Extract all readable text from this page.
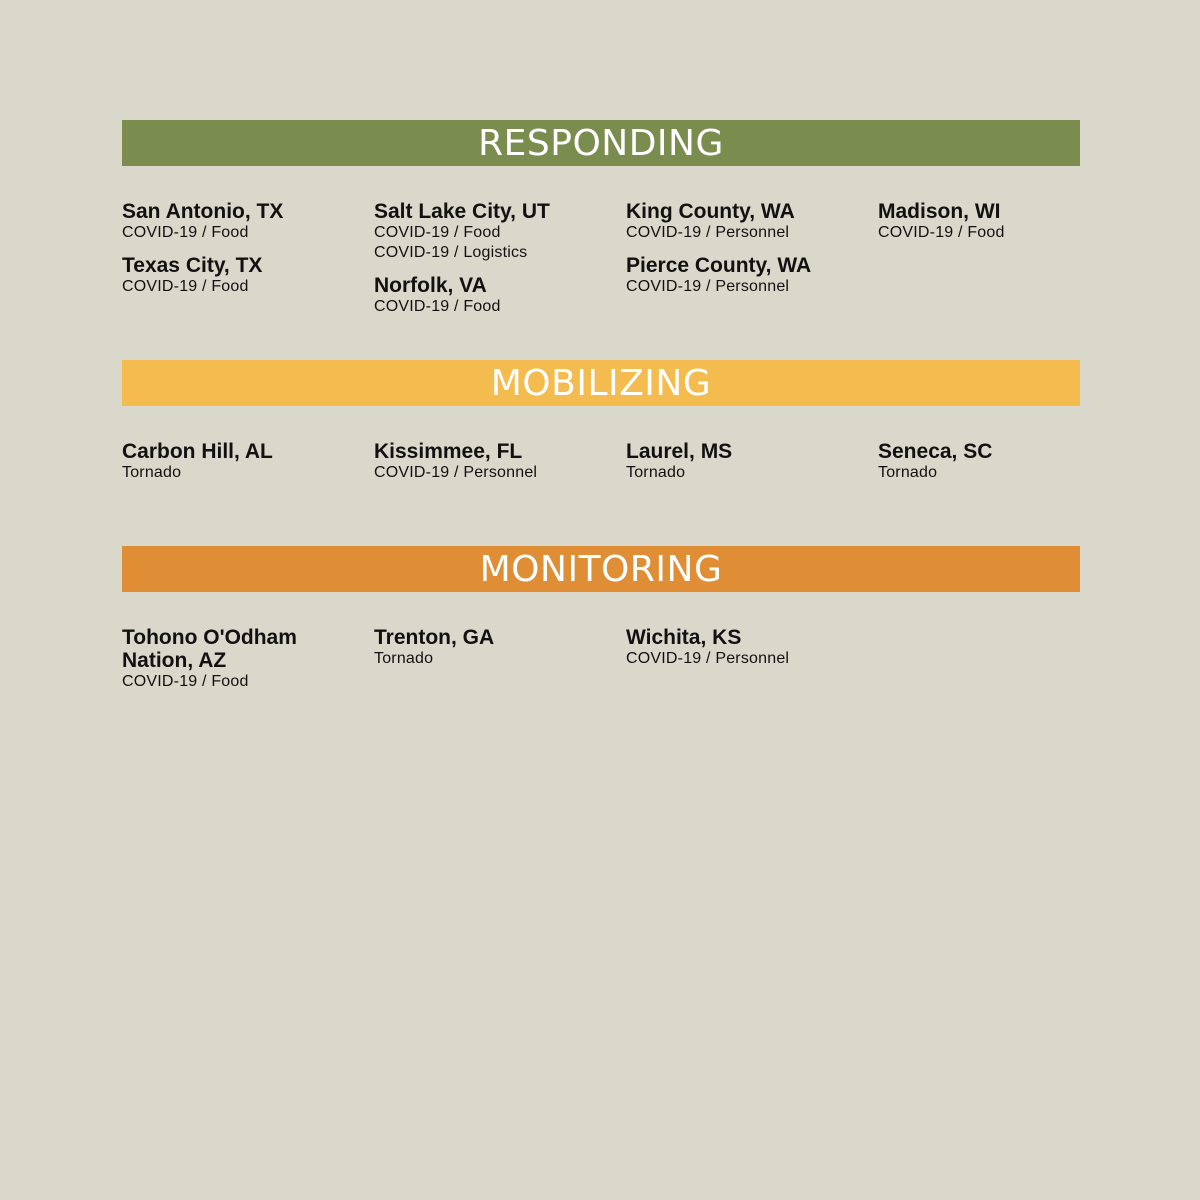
RESPONDING

San Antonio, TX

COVID-19 / Food

Texas City, TX

COVID-19 / Food

Salt Lake City, UT

COVID-19 / Food

COVID-19 / Logistics

Norfolk, VA

COVID-19 / Food

King County, WA

COVID-19 / Personnel

Pierce County, WA

COVID-19 / Personnel

Madison, WI

COVID-19 / Food

MOBILIZING

Carbon Hill, AL

Tornado

Kissimmee, FL

COVID-19 / Personnel

Laurel, MS

Tornado

Seneca, SC

Tornado

MONITORING

Tohono O'Odham Nation, AZ

COVID-19 / Food

Trenton, GA

Tornado

Wichita, KS

COVID-19 / Personnel
